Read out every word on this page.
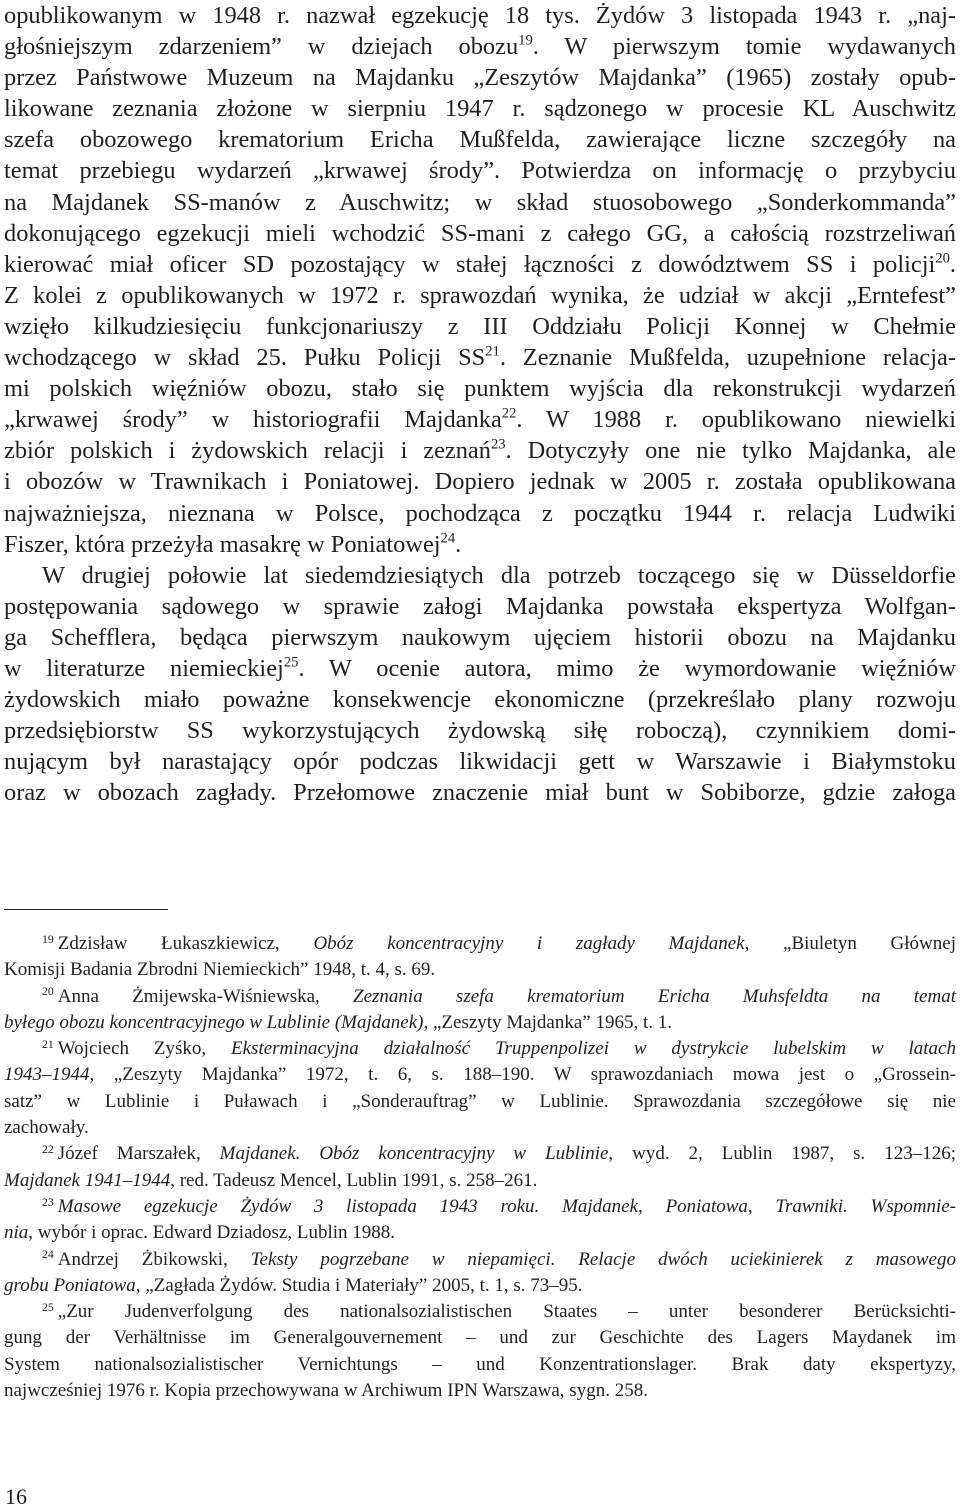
opublikowanym w 1948 r. nazwał egzekucję 18 tys. Żydów 3 listopada 1943 r. „naj-
głośniejszym zdarzeniem” w dziejach obozu$^{19}$. W pierwszym tomie wydawanych
przez Państwowe Muzeum na Majdanku „Zeszytów Majdanka” (1965) zostały opub-
likowane zeznania złożone w sierpniu 1947 r. sądzonego w procesie KL Auschwitz
szefa obozowego krematorium Ericha Mußfelda, zawierające liczne szczegóły na
temat przebiegu wydarzeń „krwawej środy”. Potwierdza on informację o przybyciu
na Majdanek SS-manów z Auschwitz; w skład stuosobowego „Sonderkommanda”
dokonującego egzekucji mieli wchodzić SS-mani z całego GG, a całością rozstrzeliwań
kierować miał oficer SD pozostający w stałej łączności z dowództwem SS i policji$^{20}$.
Z kolei z opublikowanych w 1972 r. sprawozdań wynika, że udział w akcji „Erntefest”
wzięło kilkudziesięciu funkcjonariuszy z III Oddziału Policji Konnej w Chełmie
wchodzącego w skład 25. Pułku Policji SS$^{21}$. Zeznanie Mußfelda, uzupełnione relacja-
mi polskich więźniów obozu, stało się punktem wyjścia dla rekonstrukcji wydarzeń
„krwawej środy” w historiografii Majdanka$^{22}$. W 1988 r. opublikowano niewielki
zbiór polskich i żydowskich relacji i zeznań$^{23}$. Dotyczyły one nie tylko Majdanka, ale
i obozów w Trawnikach i Poniatowej. Dopiero jednak w 2005 r. została opublikowana
najważniejsza, nieznana w Polsce, pochodząca z początku 1944 r. relacja Ludwiki
Fiszer, która przeżyła masakrę w Poniatowej$^{24}$.
W drugiej połowie lat siedemdziesiątych dla potrzeb toczącego się w Düsseldorfie
postępowania sądowego w sprawie załogi Majdanka powstała ekspertyza Wolfgan-
ga Schefflera, będąca pierwszym naukowym ujęciem historii obozu na Majdanku
w literaturze niemieckiej$^{25}$. W ocenie autora, mimo że wymordowanie więźniów
żydowskich miało poważne konsekwencje ekonomiczne (przekreślało plany rozwoju
przedsiębiorstw SS wykorzystujących żydowską siłę roboczą), czynnikiem domi-
nującym był narastający opór podczas likwidacji gett w Warszawie i Białymstoku
oraz w obozach zagłady. Przełomowe znaczenie miał bunt w Sobiborze, gdzie załoga
$^{19}$ Zdzisław Łukaszkiewicz, Obóz koncentracyjny i zagłady Majdanek, „Biuletyn Głównej
Komisji Badania Zbrodni Niemieckich” 1948, t. 4, s. 69.
$^{20}$ Anna Żmijewska-Wiśniewska, Zeznania szefa krematorium Ericha Muhsfeldta na temat
byłego obozu koncentracyjnego w Lublinie (Majdanek), „Zeszyty Majdanka” 1965, t. 1.
$^{21}$ Wojciech Zyśko, Eksterminacyjna działalność Truppenpolizei w dystrykcie lubelskim w latach
1943–1944, „Zeszyty Majdanka” 1972, t. 6, s. 188–190. W sprawozdaniach mowa jest o „Grossein-
satz” w Lublinie i Puławach i „Sonderauftrag” w Lublinie. Sprawozdania szczegółowe się nie
zachowały.
$^{22}$ Józef Marszałek, Majdanek. Obóz koncentracyjny w Lublinie, wyd. 2, Lublin 1987, s. 123–126;
Majdanek 1941–1944, red. Tadeusz Mencel, Lublin 1991, s. 258–261.
$^{23}$ Masowe egzekucje Żydów 3 listopada 1943 roku. Majdanek, Poniatowa, Trawniki. Wspomnie-
nia, wybór i oprac. Edward Dziadosz, Lublin 1988.
$^{24}$ Andrzej Żbikowski, Teksty pogrzebane w niepamięci. Relacje dwóch uciekinierek z masowego
grobu Poniatowa, „Zagłada Żydów. Studia i Materiały” 2005, t. 1, s. 73–95.
$^{25}$ „Zur Judenverfolgung des nationalsozialistischen Staates – unter besonderer Berücksichti-
gung der Verhältnisse im Generalgouvernement – und zur Geschichte des Lagers Maydanek im
System nationalsozialistischer Vernichtungs – und Konzentrationslager. Brak daty ekspertyzy,
najwcześniej 1976 r. Kopia przechowywana w Archiwum IPN Warszawa, sygn. 258.
16
